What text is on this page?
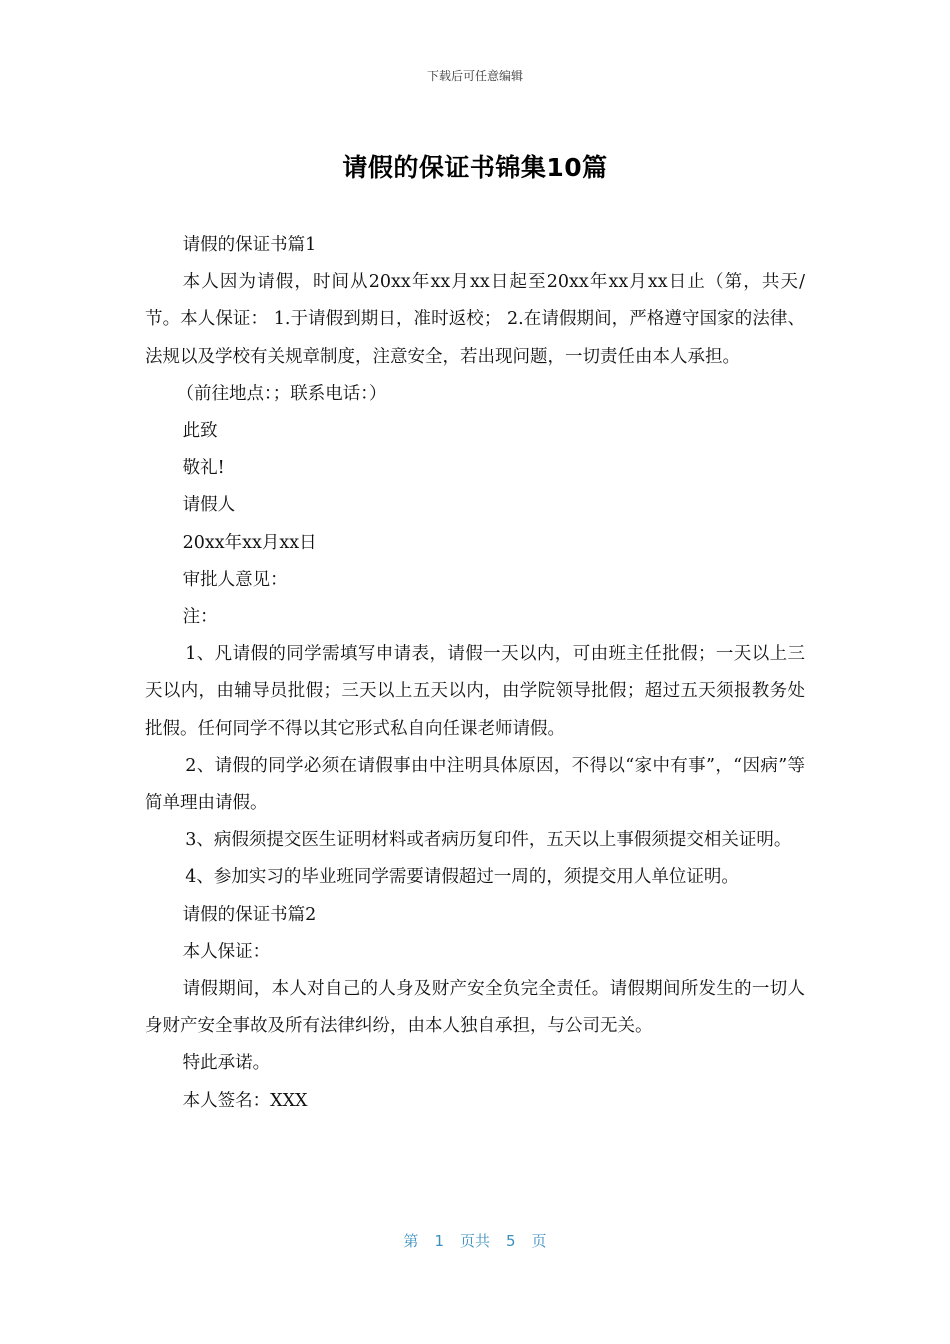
下载后可任意编辑
请假的保证书锦集10篇

请假的保证书篇1

本人因为请假，时间从20xx年xx月xx日起至20xx年xx月xx日止（第，共天/节。本人保证： 1.于请假到期日，准时返校； 2.在请假期间，严格遵守国家的法律、法规以及学校有关规章制度，注意安全，若出现问题，一切责任由本人承担。

（前往地点：；联系电话：）

此致

敬礼!

请假人

20xx年xx月xx日

审批人意见：

注：

1、凡请假的同学需填写申请表，请假一天以内，可由班主任批假；一天以上三天以内，由辅导员批假；三天以上五天以内，由学院领导批假；超过五天须报教务处批假。任何同学不得以其它形式私自向任课老师请假。

2、请假的同学必须在请假事由中注明具体原因，不得以“家中有事”，“因病”等简单理由请假。

3、病假须提交医生证明材料或者病历复印件，五天以上事假须提交相关证明。

4、参加实习的毕业班同学需要请假超过一周的，须提交用人单位证明。

请假的保证书篇2

本人保证：

请假期间，本人对自己的人身及财产安全负完全责任。请假期间所发生的一切人身财产安全事故及所有法律纠纷，由本人独自承担，与公司无关。

特此承诺。

本人签名：XXX

第 1 页共 5 页
